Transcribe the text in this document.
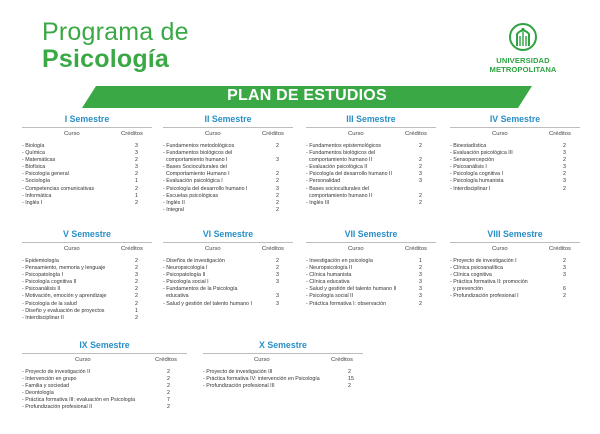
Programa de
Psicología	UNIVERSIDAD
METROPOLITANA
PLAN DE ESTUDIOS
I Semestre
Curso	Créditos
- Biología	3
- Química	3
- Matemáticas	2
- Biofísica	3
- Psicología general	2
- Sociología	1
- Competencias comunicativas	2
- Informática	1
- Inglés I	2
II Semestre
Curso	Créditos
- Fundamentos metodológicos	2
- Fundamentos biológicos del
comportamiento humano I	3
- Bases Socioculturales del
Comportamiento Humano I	2
- Evaluación psicológica I	2
- Psicología del desarrollo humano I	3
- Escuelas psicológicas	2
- Inglés II	2
- Integral	2
III Semestre
Curso	Créditos
- Fundamentos epistemológicos	2
- Fundamentos biológicos del
comportamiento humano II	2
- Evaluación psicológica II	2
- Psicología del desarrollo humano II	3
- Personalidad	3
- Bases socioculturales del
comportamiento humano II	2
- Inglés III	2
IV Semestre
Curso	Créditos
- Bioestadística	2
- Evaluación psicológica III	3
- Sensopercepción	2
- Psicoanálisis I	3
- Psicología cognitiva I	2
- Psicología humanista	3
- Interdisciplinar I	2
V Semestre
Curso	Créditos
- Epidemiología	2
- Pensamiento, memoria y lenguaje	2
- Psicopatología I	3
- Psicología cognitiva II	2
- Psicoanálisis II	2
- Motivación, emoción y aprendizaje	2
- Psicología de la salud	2
- Diseño y evaluación de proyectos	1
- Interdisciplinar II	2
VI Semestre
Curso	Créditos
- Diseños de investigación	2
- Neuropsicología I	2
- Psicopatología II	3
- Psicología social I	3
- Fundamentos de la Psicología
educativa	3
- Salud y gestión del talento humano I	3
VII Semestre
Curso	Créditos
- Investigación en psicología	1
- Neuropsicología II	2
- Clínica humanista	3
- Clínica educativa	3
- Salud y gestión del talento humano II	3
- Psicología social II	3
- Práctica formativa I: observación	2
VIII Semestre
Curso	Créditos
- Proyecto de investigación I	2
- Clínica psicoanalítica	3
- Clínica cognitiva	3
- Práctica formativa II: promoción
y prevención	6
- Profundización profesional I	2
IX Semestre
Curso	Créditos
- Proyecto de investigación II	2
- Intervención en grupo	2
- Familia y sociedad	2
- Deontología	2
- Práctica formativa III: evaluación en Psicología	7
- Profundización profesional II	2
X Semestre
Curso	Créditos
- Proyecto de investigación III	2
- Práctica formativa IV: intervención en Psicología	15
- Profundización profesional III	2
